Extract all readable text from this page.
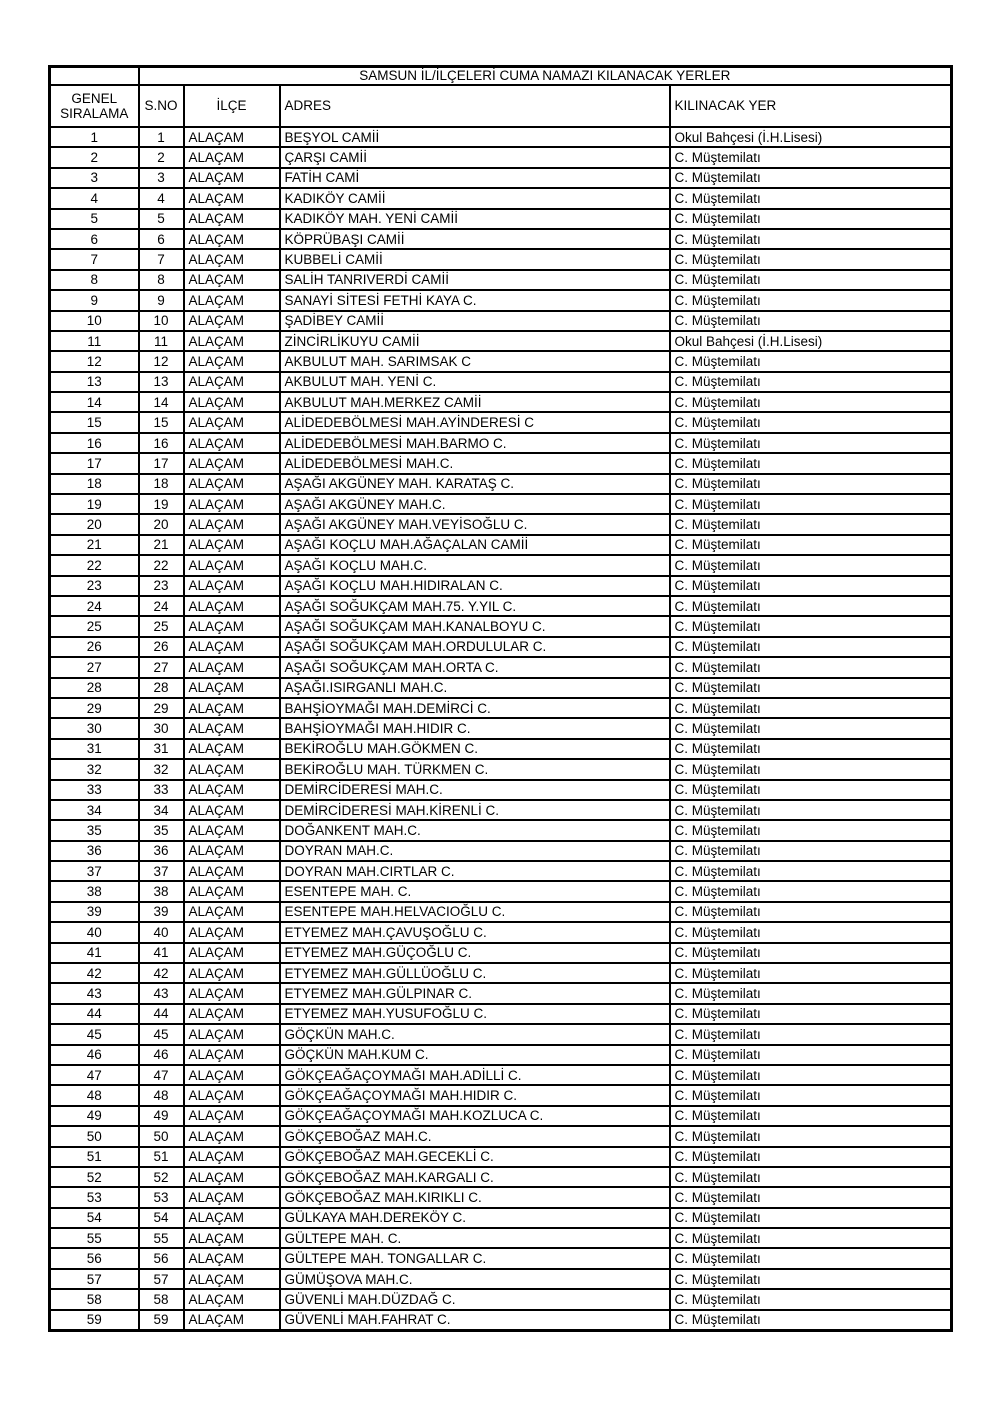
	SAMSUN İL/İLÇELERİ CUMA NAMAZI KILANACAK YERLER			
GENEL SIRALAMA	S.NO	İLÇE	ADRES	KILINACAK YER
1	1	ALAÇAM	BEŞYOL CAMİİ	Okul Bahçesi (İ.H.Lisesi)
2	2	ALAÇAM	ÇARŞI CAMİİ	C. Müştemilatı
3	3	ALAÇAM	FATİH CAMİ	C. Müştemilatı
4	4	ALAÇAM	KADIKÖY CAMİİ	C. Müştemilatı
5	5	ALAÇAM	KADIKÖY MAH. YENİ CAMİİ	C. Müştemilatı
6	6	ALAÇAM	KÖPRÜBAŞI CAMİİ	C. Müştemilatı
7	7	ALAÇAM	KUBBELİ CAMİİ	C. Müştemilatı
8	8	ALAÇAM	SALİH TANRIVERDİ CAMİİ	C. Müştemilatı
9	9	ALAÇAM	SANAYİ SİTESİ FETHİ KAYA C.	C. Müştemilatı
10	10	ALAÇAM	ŞADİBEY CAMİİ	C. Müştemilatı
11	11	ALAÇAM	ZİNCİRLİKUYU CAMİİ	Okul Bahçesi (İ.H.Lisesi)
12	12	ALAÇAM	AKBULUT MAH. SARIMSAK C	C. Müştemilatı
13	13	ALAÇAM	AKBULUT MAH. YENİ C.	C. Müştemilatı
14	14	ALAÇAM	AKBULUT MAH.MERKEZ CAMİİ	C. Müştemilatı
15	15	ALAÇAM	ALİDEDEBÖLMESİ MAH.AYİNDERESİ C	C. Müştemilatı
16	16	ALAÇAM	ALİDEDEBÖLMESİ MAH.BARMO C.	C. Müştemilatı
17	17	ALAÇAM	ALİDEDEBÖLMESİ MAH.C.	C. Müştemilatı
18	18	ALAÇAM	AŞAĞI AKGÜNEY MAH. KARATAŞ C.	C. Müştemilatı
19	19	ALAÇAM	AŞAĞI AKGÜNEY MAH.C.	C. Müştemilatı
20	20	ALAÇAM	AŞAĞI AKGÜNEY MAH.VEYİSOĞLU C.	C. Müştemilatı
21	21	ALAÇAM	AŞAĞI KOÇLU MAH.AĞAÇALAN CAMİİ	C. Müştemilatı
22	22	ALAÇAM	AŞAĞI KOÇLU MAH.C.	C. Müştemilatı
23	23	ALAÇAM	AŞAĞI KOÇLU MAH.HIDIRALAN C.	C. Müştemilatı
24	24	ALAÇAM	AŞAĞI SOĞUKÇAM MAH.75. Y.YIL C.	C. Müştemilatı
25	25	ALAÇAM	AŞAĞI SOĞUKÇAM MAH.KANALBOYU C.	C. Müştemilatı
26	26	ALAÇAM	AŞAĞI SOĞUKÇAM MAH.ORDULULAR C.	C. Müştemilatı
27	27	ALAÇAM	AŞAĞI SOĞUKÇAM MAH.ORTA C.	C. Müştemilatı
28	28	ALAÇAM	AŞAĞI.ISIRGANLI MAH.C.	C. Müştemilatı
29	29	ALAÇAM	BAHŞİOYMAĞI MAH.DEMİRCİ C.	C. Müştemilatı
30	30	ALAÇAM	BAHŞİOYMAĞI MAH.HIDIR C.	C. Müştemilatı
31	31	ALAÇAM	BEKİROĞLU MAH.GÖKMEN C.	C. Müştemilatı
32	32	ALAÇAM	BEKİROĞLU MAH. TÜRKMEN C.	C. Müştemilatı
33	33	ALAÇAM	DEMİRCİDERESİ MAH.C.	C. Müştemilatı
34	34	ALAÇAM	DEMİRCİDERESİ MAH.KİRENLİ C.	C. Müştemilatı
35	35	ALAÇAM	DOĞANKENT MAH.C.	C. Müştemilatı
36	36	ALAÇAM	DOYRAN MAH.C.	C. Müştemilatı
37	37	ALAÇAM	DOYRAN MAH.CIRTLAR C.	C. Müştemilatı
38	38	ALAÇAM	ESENTEPE MAH. C.	C. Müştemilatı
39	39	ALAÇAM	ESENTEPE MAH.HELVACIOĞLU C.	C. Müştemilatı
40	40	ALAÇAM	ETYEMEZ MAH.ÇAVUŞOĞLU C.	C. Müştemilatı
41	41	ALAÇAM	ETYEMEZ MAH.GÜÇOĞLU C.	C. Müştemilatı
42	42	ALAÇAM	ETYEMEZ MAH.GÜLLÜOĞLU C.	C. Müştemilatı
43	43	ALAÇAM	ETYEMEZ MAH.GÜLPINAR C.	C. Müştemilatı
44	44	ALAÇAM	ETYEMEZ MAH.YUSUFOĞLU C.	C. Müştemilatı
45	45	ALAÇAM	GÖÇKÜN MAH.C.	C. Müştemilatı
46	46	ALAÇAM	GÖÇKÜN MAH.KUM C.	C. Müştemilatı
47	47	ALAÇAM	GÖKÇEAĞAÇOYMAĞI MAH.ADİLLİ C.	C. Müştemilatı
48	48	ALAÇAM	GÖKÇEAĞAÇOYMAĞI MAH.HIDIR C.	C. Müştemilatı
49	49	ALAÇAM	GÖKÇEAĞAÇOYMAĞI MAH.KOZLUCA C.	C. Müştemilatı
50	50	ALAÇAM	GÖKÇEBOĞAZ MAH.C.	C. Müştemilatı
51	51	ALAÇAM	GÖKÇEBOĞAZ MAH.GECEKLİ C.	C. Müştemilatı
52	52	ALAÇAM	GÖKÇEBOĞAZ MAH.KARGALI C.	C. Müştemilatı
53	53	ALAÇAM	GÖKÇEBOĞAZ MAH.KIRIKLI C.	C. Müştemilatı
54	54	ALAÇAM	GÜLKAYA MAH.DEREKÖY C.	C. Müştemilatı
55	55	ALAÇAM	GÜLTEPE MAH. C.	C. Müştemilatı
56	56	ALAÇAM	GÜLTEPE MAH. TONGALLAR C.	C. Müştemilatı
57	57	ALAÇAM	GÜMÜŞOVA MAH.C.	C. Müştemilatı
58	58	ALAÇAM	GÜVENLİ MAH.DÜZDAĞ C.	C. Müştemilatı
59	59	ALAÇAM	GÜVENLİ MAH.FAHRAT C.	C. Müştemilatı
